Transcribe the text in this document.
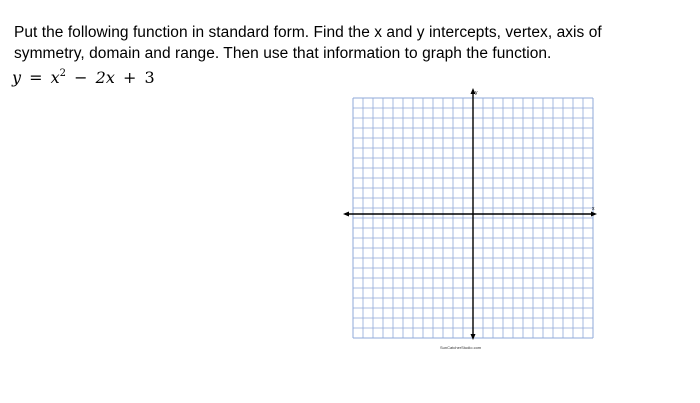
Put the following function in standard form. Find the x and y intercepts, vertex, axis of symmetry, domain and range. Then use that information to graph the function.
$y = x^2 - 2x + 3$
x
y
SunCatcherStudio.com
